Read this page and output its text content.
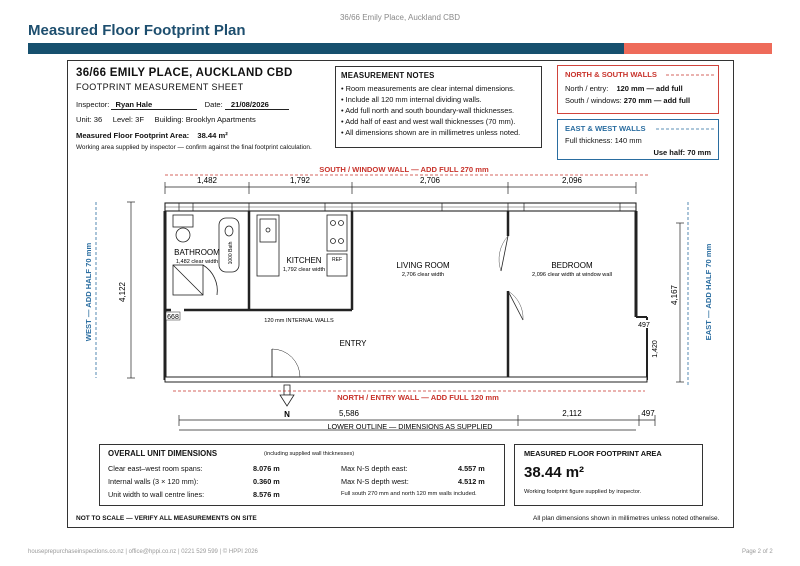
36/66 Emily Place, Auckland CBD
Measured Floor Footprint Plan
36/66 EMILY PLACE, AUCKLAND CBD
FOOTPRINT MEASUREMENT SHEET
Inspector: Ryan Hale	Date: 21/08/2026
Unit: 36     Level: 3F     Building: Brooklyn Apartments
Measured Floor Footprint Area: 38.44 m²
Working area supplied by inspector — confirm against the final footprint calculation.
MEASUREMENT NOTES
• Room measurements are clear internal dimensions.
• Include all 120 mm internal dividing walls.
• Add full north and south boundary-wall thicknesses.
• Add half of east and west wall thicknesses (70 mm).
• All dimensions shown are in millimetres unless noted.
NORTH & SOUTH WALLS
North / entry: 120 mm — add full
South / windows: 270 mm — add full
EAST & WEST WALLS
Full thickness: 140 mm
Use half: 70 mm
SOUTH / WINDOW WALL — ADD FULL 270 mm
1,482	1,792	2,706	2,096
WEST — ADD HALF 70 mm	4,122	EAST — ADD HALF 70 mm
4,167
BATHROOM
1,482 clear width 1000 Bath	REF
KITCHEN
1,792 clear width	LIVING ROOM
2,706 clear width
BEDROOM
2,096 clear width at window wall
ENTRY
120 mm INTERNAL WALLS
668
497
1,420
N
NORTH / ENTRY WALL — ADD FULL 120 mm
5,586	2,112	497
LOWER OUTLINE — DIMENSIONS AS SUPPLIED
OVERALL UNIT DIMENSIONS	(including supplied wall thicknesses)
Clear east–west room spans:	8.076 m
Internal walls (3 × 120 mm):	0.360 m
Unit width to wall centre lines:	8.576 m
Max N-S depth east:	4.557 m
Max N-S depth west:	4.512 m
Full south 270 mm and north 120 mm walls included.
MEASURED FLOOR FOOTPRINT AREA
38.44 m²
Working footprint figure supplied by inspector.
NOT TO SCALE — VERIFY ALL MEASUREMENTS ON SITE	All plan dimensions shown in millimetres unless noted otherwise.
houseprepurchaseinspections.co.nz | office@hppi.co.nz | 0221 529 599 | © HPPI 2026	Page 2 of 2
